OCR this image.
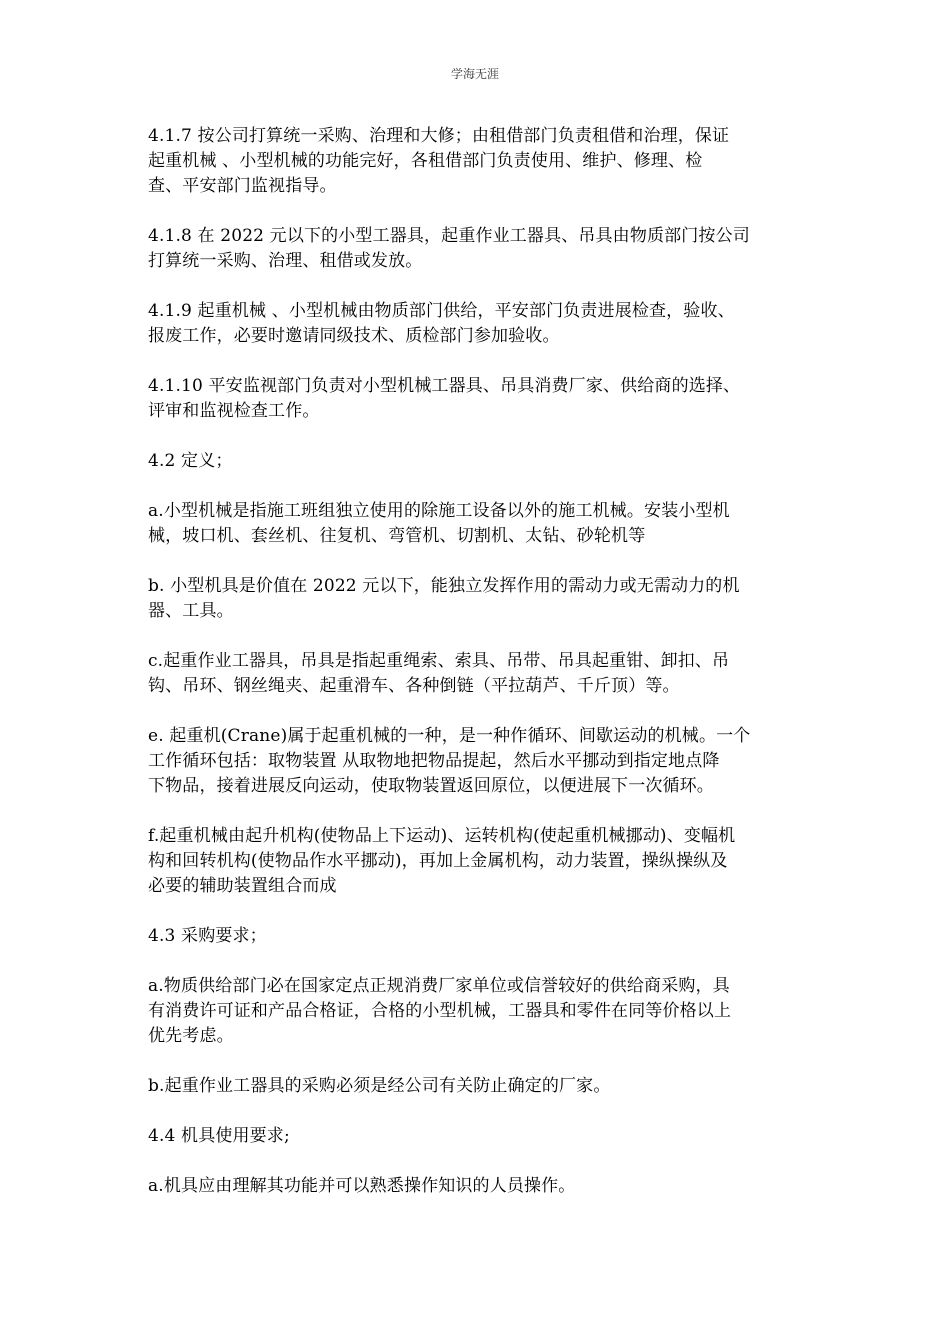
学海无涯

4.1.7 按公司打算统一采购、治理和大修；由租借部门负责租借和治理，保证
起重机械 、小型机械的功能完好，各租借部门负责使用、维护、修理、检
查、平安部门监视指导。

4.1.8 在 2022 元以下的小型工器具，起重作业工器具、吊具由物质部门按公司
打算统一采购、治理、租借或发放。

4.1.9 起重机械 、小型机械由物质部门供给，平安部门负责进展检查，验收、
报废工作，必要时邀请同级技术、质检部门参加验收。

4.1.10 平安监视部门负责对小型机械工器具、吊具消费厂家、供给商的选择、
评审和监视检查工作。

4.2 定义；

a.小型机械是指施工班组独立使用的除施工设备以外的施工机械。安装小型机
械，坡口机、套丝机、往复机、弯管机、切割机、太钻、砂轮机等

b. 小型机具是价值在 2022 元以下，能独立发挥作用的需动力或无需动力的机
器、工具。

c.起重作业工器具，吊具是指起重绳索、索具、吊带、吊具起重钳、卸扣、吊
钩、吊环、钢丝绳夹、起重滑车、各种倒链（平拉葫芦、千斤顶）等。

e. 起重机(Crane)属于起重机械的一种，是一种作循环、间歇运动的机械。一个
工作循环包括：取物装置 从取物地把物品提起，然后水平挪动到指定地点降
下物品，接着进展反向运动，使取物装置返回原位，以便进展下一次循环。

f.起重机械由起升机构(使物品上下运动)、运转机构(使起重机械挪动)、变幅机
构和回转机构(使物品作水平挪动)，再加上金属机构，动力装置，操纵操纵及
必要的辅助装置组合而成

4.3 采购要求；

a.物质供给部门必在国家定点正规消费厂家单位或信誉较好的供给商采购，具
有消费许可证和产品合格证，合格的小型机械，工器具和零件在同等价格以上
优先考虑。

b.起重作业工器具的采购必须是经公司有关防止确定的厂家。

4.4 机具使用要求;

a.机具应由理解其功能并可以熟悉操作知识的人员操作。
